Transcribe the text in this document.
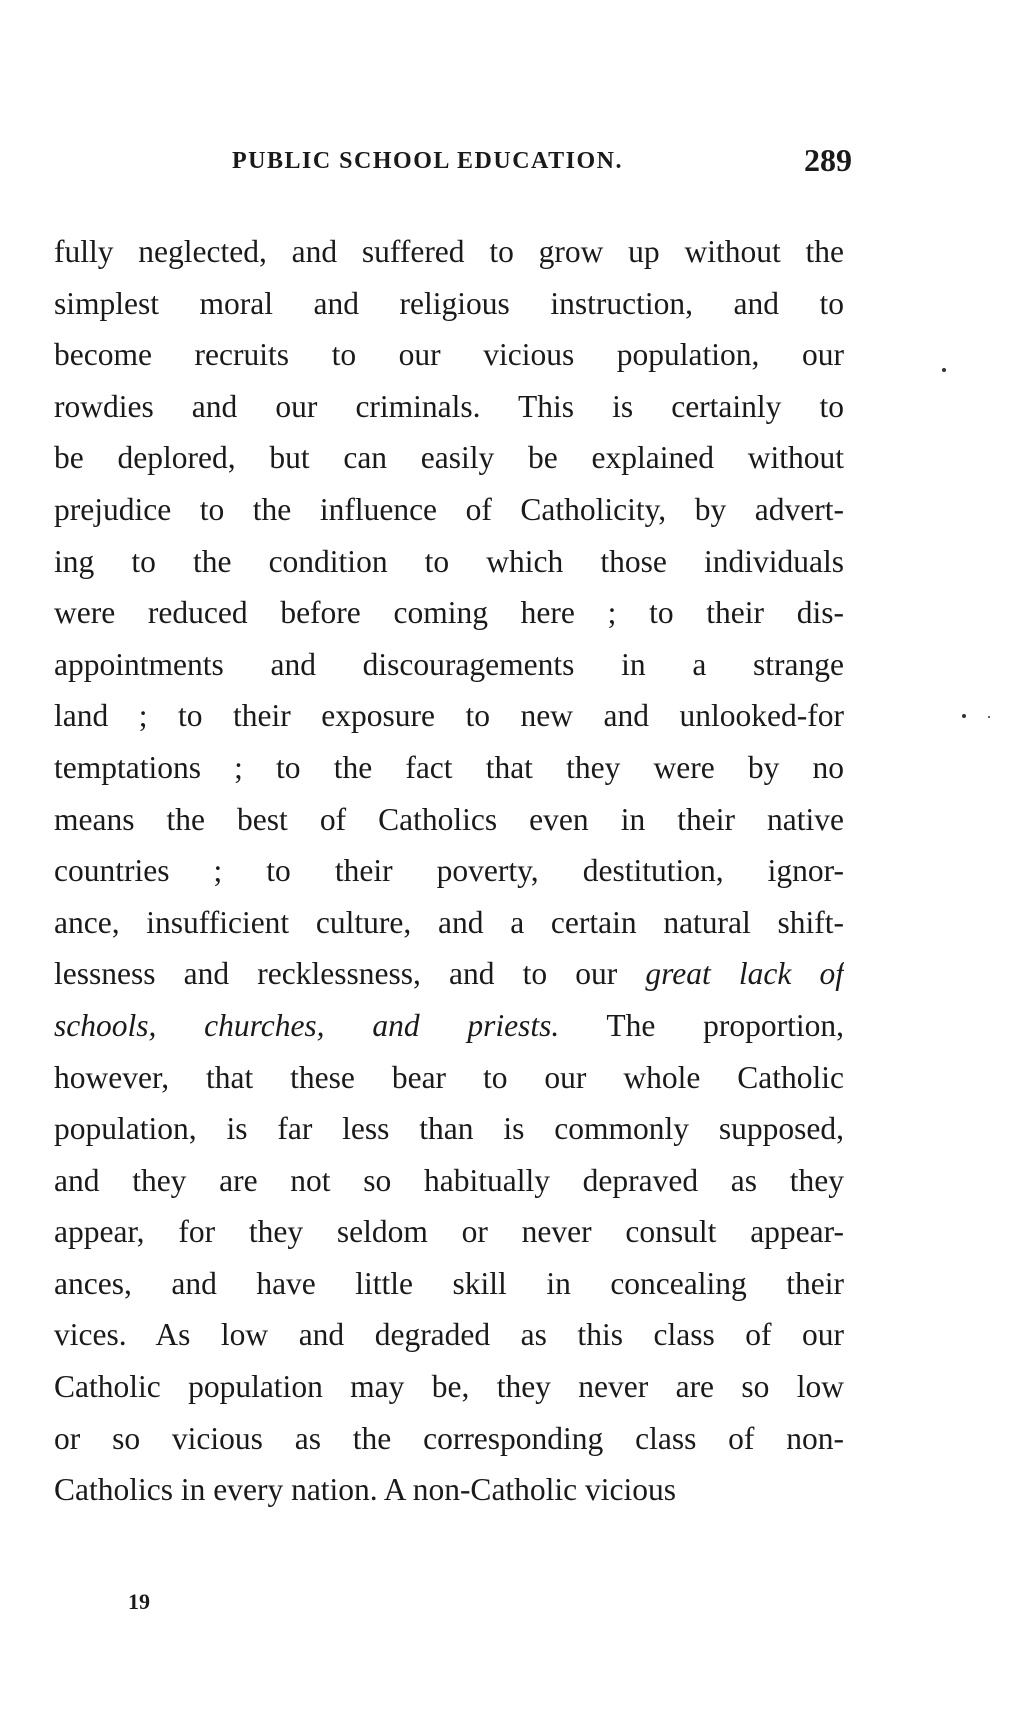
PUBLIC SCHOOL EDUCATION.	289
fully neglected, and suffered to grow up without the
simplest moral and religious instruction, and to
become recruits to our vicious population, our
rowdies and our criminals. This is certainly to
be deplored, but can easily be explained without
prejudice to the influence of Catholicity, by advert-
ing to the condition to which those individuals
were reduced before coming here ; to their dis-
appointments and discouragements in a strange
land ; to their exposure to new and unlooked-for
temptations ; to the fact that they were by no
means the best of Catholics even in their native
countries ; to their poverty, destitution, ignor-
ance, insufficient culture, and a certain natural shift-
lessness and recklessness, and to our great lack of
schools, churches, and priests. The proportion,
however, that these bear to our whole Catholic
population, is far less than is commonly supposed,
and they are not so habitually depraved as they
appear, for they seldom or never consult appear-
ances, and have little skill in concealing their
vices. As low and degraded as this class of our
Catholic population may be, they never are so low
or so vicious as the corresponding class of non-
Catholics in every nation. A non-Catholic vicious
19
